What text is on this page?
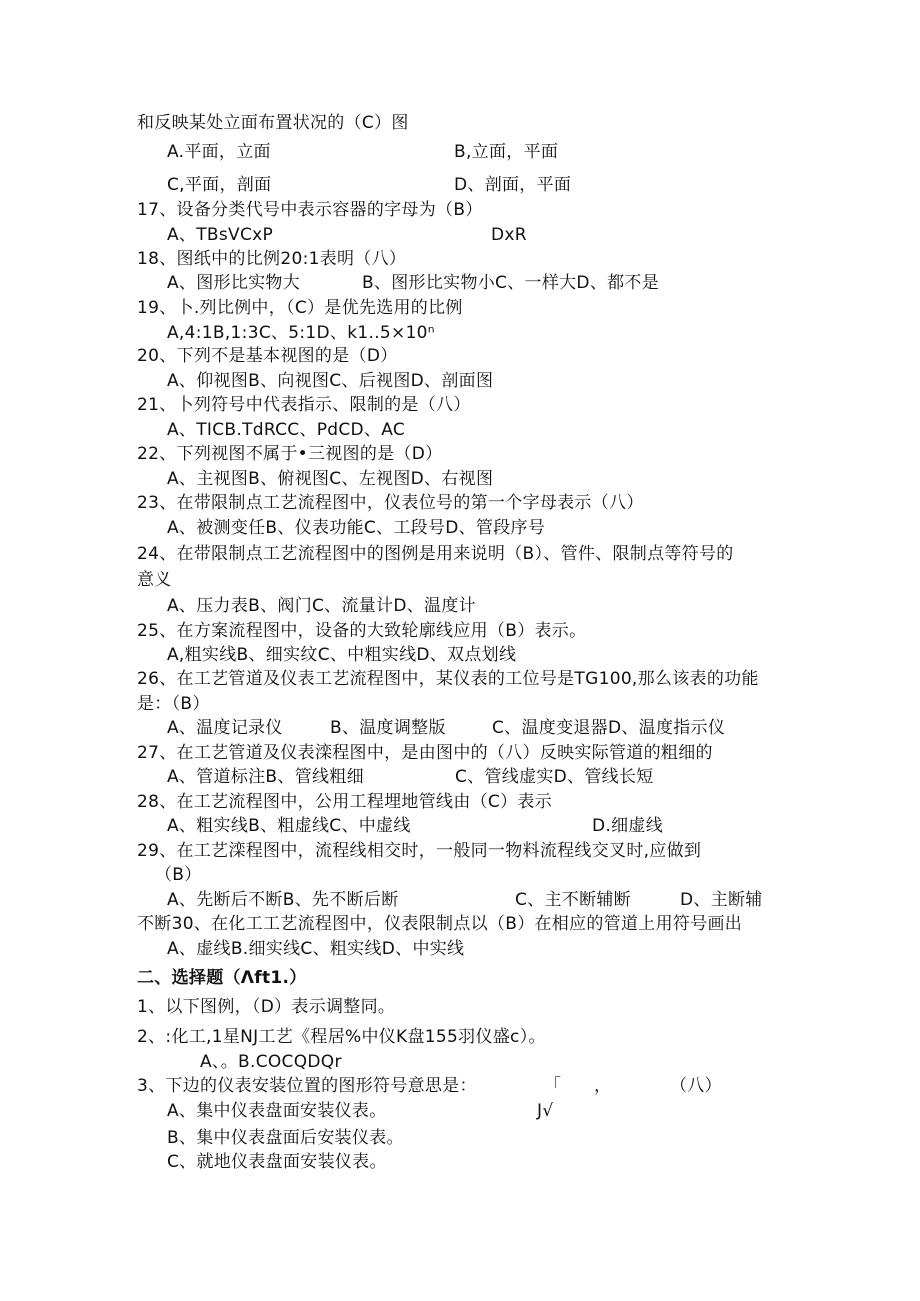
和反映某处立面布置状况的（C）图
A.平面，立面	B,立面，平面
C,平面，剖面	D、剖面，平面
17、设备分类代号中表示容器的字母为（B）
A、TBsVCxP	DxR
18、图纸中的比例20:1表明（八）
A、图形比实物大	B、图形比实物小C、一样大D、都不是
19、卜.列比例中，（C）是优先选用的比例
A,4:1B,1:3C、5:1D、k1..5×10ⁿ
20、下列不是基本视图的是（D）
A、仰视图B、向视图C、后视图D、剖面图
21、卜列符号中代表指示、限制的是（八）
A、TICB.TdRCC、PdCD、AC
22、下列视图不属于•三视图的是（D）
A、主视图B、俯视图C、左视图D、右视图
23、在带限制点工艺流程图中，仪表位号的第一个字母表示（八）
A、被测变任B、仪表功能C、工段号D、管段序号
24、在带限制点工艺流程图中的图例是用来说明（B）、管件、限制点等符号的
意义
A、压力表B、阀门C、流量计D、温度计
25、在方案流程图中，设备的大致轮廓线应用（B）表示。
A,粗实线B、细实纹C、中粗实线D、双点划线
26、在工艺管道及仪表工艺流程图中，某仪表的工位号是TG100,那么该表的功能
是：（B）
A、温度记录仪	B、温度调整版	C、温度变退器D、温度指示仪
27、在工艺管道及仪表滦程图中，是由图中的（八）反映实际管道的粗细的
A、管道标注B、管线粗细	C、管线虚实D、管线长短
28、在工艺流程图中，公用工程埋地管线由（C）表示
A、粗实线B、粗虚线C、中虚线	D.细虚线
29、在工艺滦程图中，流程线相交时，一般同一物料流程线交叉时,应做到
（B）
A、先断后不断B、先不断后断	C、主不断辅断	D、主断辅
不断30、在化工工艺流程图中，仪表限制点以（B）在相应的管道上用符号画出
A、虚线B.细实线C、粗实线D、中实线
二、选择题（Λft1.）
1、以下图例，（D）表示调整同。
2、:化工,1星NJ工艺《程居%中仪K盘155羽仪盛c）。
A、。B.COCQDQr
3、下边的仪表安装位置的图形符号意思是：	「 ，	（八）
A、集中仪表盘面安装仪表。	J√
B、集中仪表盘面后安装仪表。
C、就地仪表盘面安装仪表。
